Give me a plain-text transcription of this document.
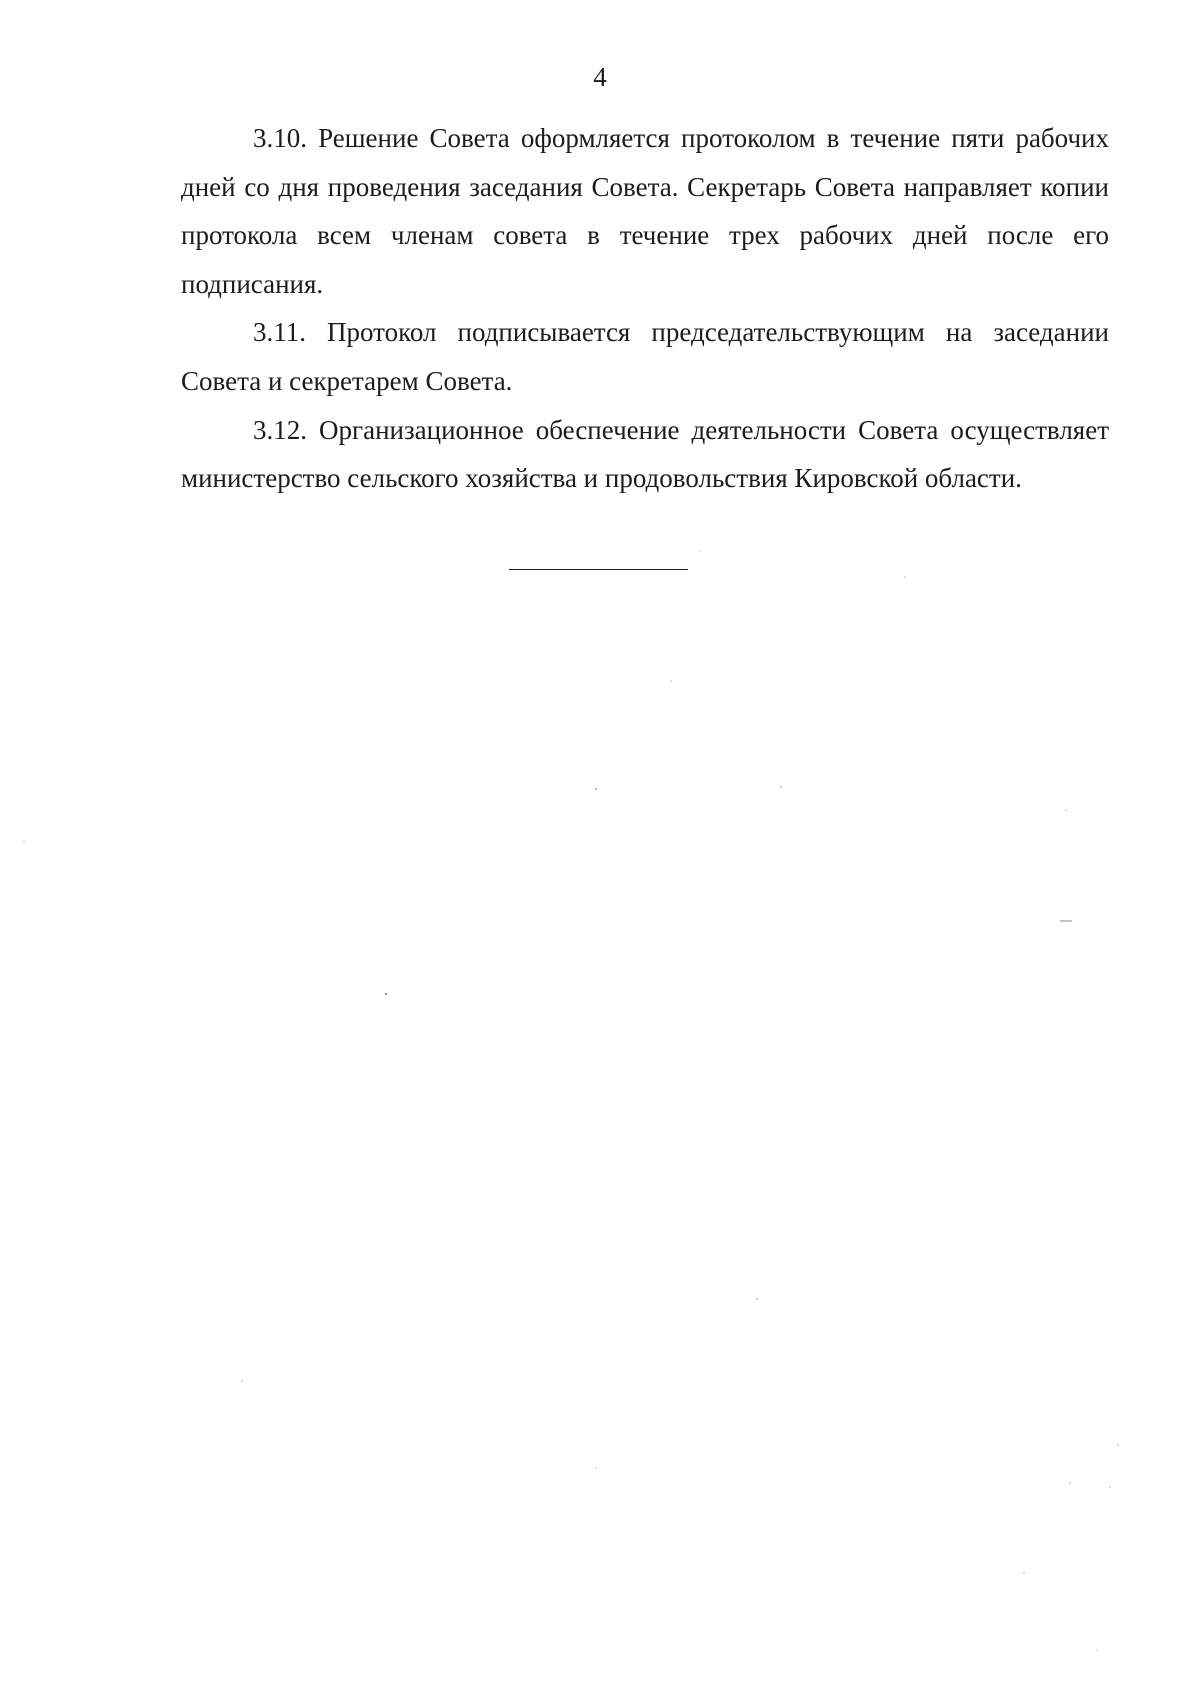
4

3.10. Решение Совета оформляется протоколом в течение пяти рабочих дней со дня проведения заседания Совета. Секретарь Совета направляет копии протокола всем членам совета в течение трех рабочих дней после его подписания.

3.11. Протокол подписывается председательствующим на заседании Совета и секретарем Совета.

3.12. Организационное обеспечение деятельности Совета осуществляет министерство сельского хозяйства и продовольствия Кировской области.
